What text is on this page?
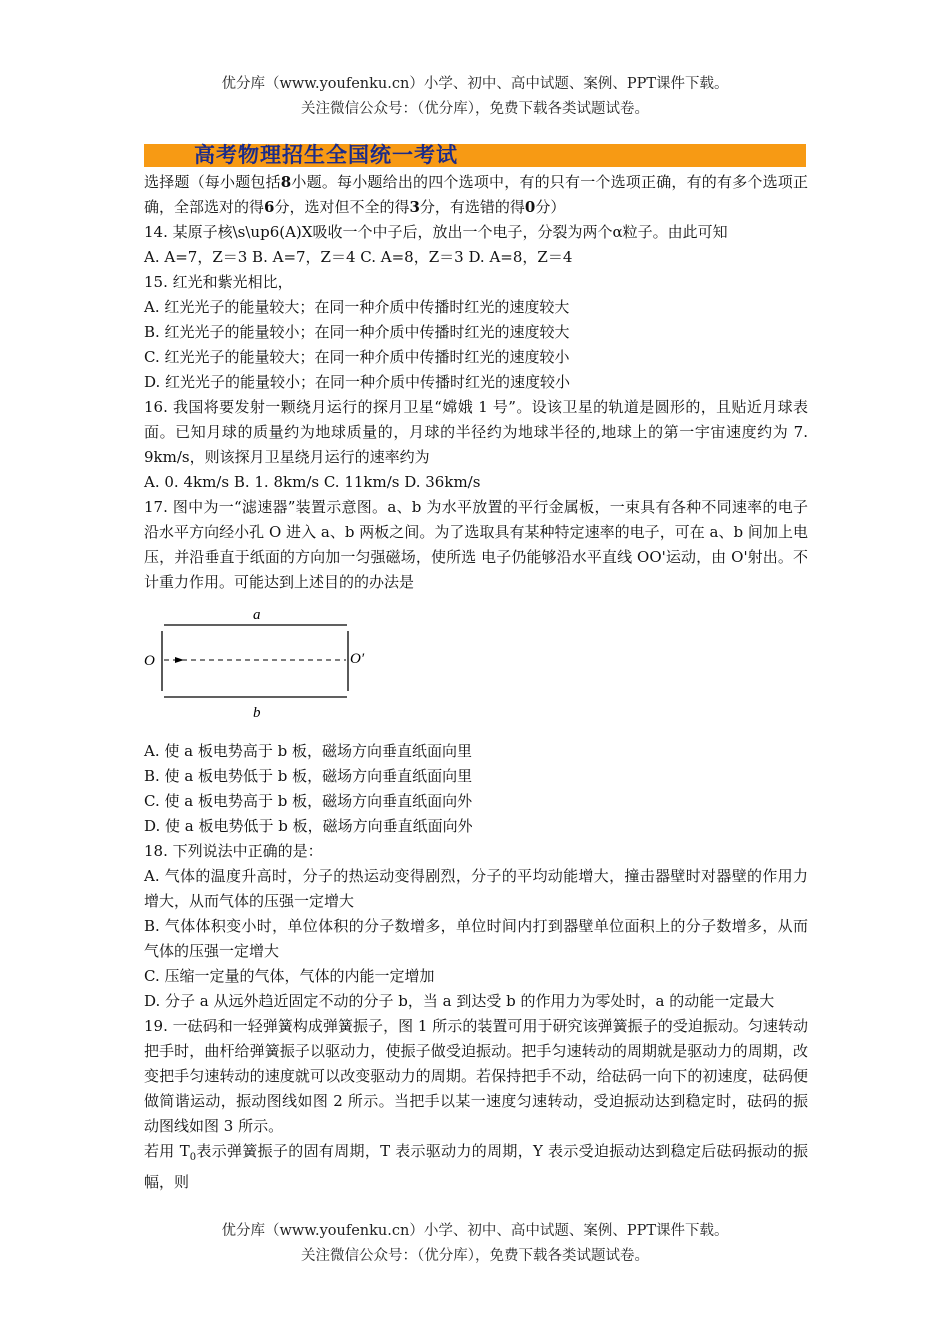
优分库（www.youfenku.cn）小学、初中、高中试题、案例、PPT课件下载。
关注微信公众号：（优分库），免费下载各类试题试卷。
高考物理招生全国统一考试

选择题（每小题包括8小题。每小题给出的四个选项中，有的只有一个选项正确，有的有多个选项正确，全部选对的得6分，选对但不全的得3分，有选错的得0分）

14. 某原子核\s\up6(A)X吸收一个中子后，放出一个电子，分裂为两个α粒子。由此可知

A. A=7，Z＝3 B. A=7，Z＝4 C. A=8，Z＝3 D. A=8，Z＝4

15. 红光和紫光相比，

A. 红光光子的能量较大；在同一种介质中传播时红光的速度较大

B. 红光光子的能量较小；在同一种介质中传播时红光的速度较大

C. 红光光子的能量较大；在同一种介质中传播时红光的速度较小

D. 红光光子的能量较小；在同一种介质中传播时红光的速度较小

16. 我国将要发射一颗绕月运行的探月卫星“嫦娥 1 号”。设该卫星的轨道是圆形的，且贴近月球表面。已知月球的质量约为地球质量的，月球的半径约为地球半径的,地球上的第一宇宙速度约为 7. 9km/s，则该探月卫星绕月运行的速率约为

A. 0. 4km/s B. 1. 8km/s C. 11km/s D. 36km/s

17. 图中为一“滤速器”装置示意图。a、b 为水平放置的平行金属板，一束具有各种不同速率的电子沿水平方向经小孔 O 进入 a、b 两板之间。为了选取具有某种特定速率的电子，可在 a、b 间加上电压，并沿垂直于纸面的方向加一匀强磁场，使所选 电子仍能够沿水平直线 OO'运动，由 O'射出。不计重力作用。可能达到上述目的的办法是

a
O	O′
b

A. 使 a 板电势高于 b 板，磁场方向垂直纸面向里

B. 使 a 板电势低于 b 板，磁场方向垂直纸面向里

C. 使 a 板电势高于 b 板，磁场方向垂直纸面向外

D. 使 a 板电势低于 b 板，磁场方向垂直纸面向外

18. 下列说法中正确的是：

A. 气体的温度升高时，分子的热运动变得剧烈，分子的平均动能增大，撞击器壁时对器壁的作用力增大，从而气体的压强一定增大

B. 气体体积变小时，单位体积的分子数增多，单位时间内打到器壁单位面积上的分子数增多，从而气体的压强一定增大

C. 压缩一定量的气体，气体的内能一定增加

D. 分子 a 从远外趋近固定不动的分子 b，当 a 到达受 b 的作用力为零处时，a 的动能一定最大

19. 一砝码和一轻弹簧构成弹簧振子，图 1 所示的装置可用于研究该弹簧振子的受迫振动。匀速转动把手时，曲杆给弹簧振子以驱动力，使振子做受迫振动。把手匀速转动的周期就是驱动力的周期，改变把手匀速转动的速度就可以改变驱动力的周期。若保持把手不动，给砝码一向下的初速度，砝码便做简谐运动，振动图线如图 2 所示。当把手以某一速度匀速转动，受迫振动达到稳定时，砝码的振动图线如图 3 所示。

若用 $T_0$表示弹簧振子的固有周期，T 表示驱动力的周期，Y 表示受迫振动达到稳定后砝码振动的振幅，则

优分库（www.youfenku.cn）小学、初中、高中试题、案例、PPT课件下载。
关注微信公众号：（优分库），免费下载各类试题试卷。
